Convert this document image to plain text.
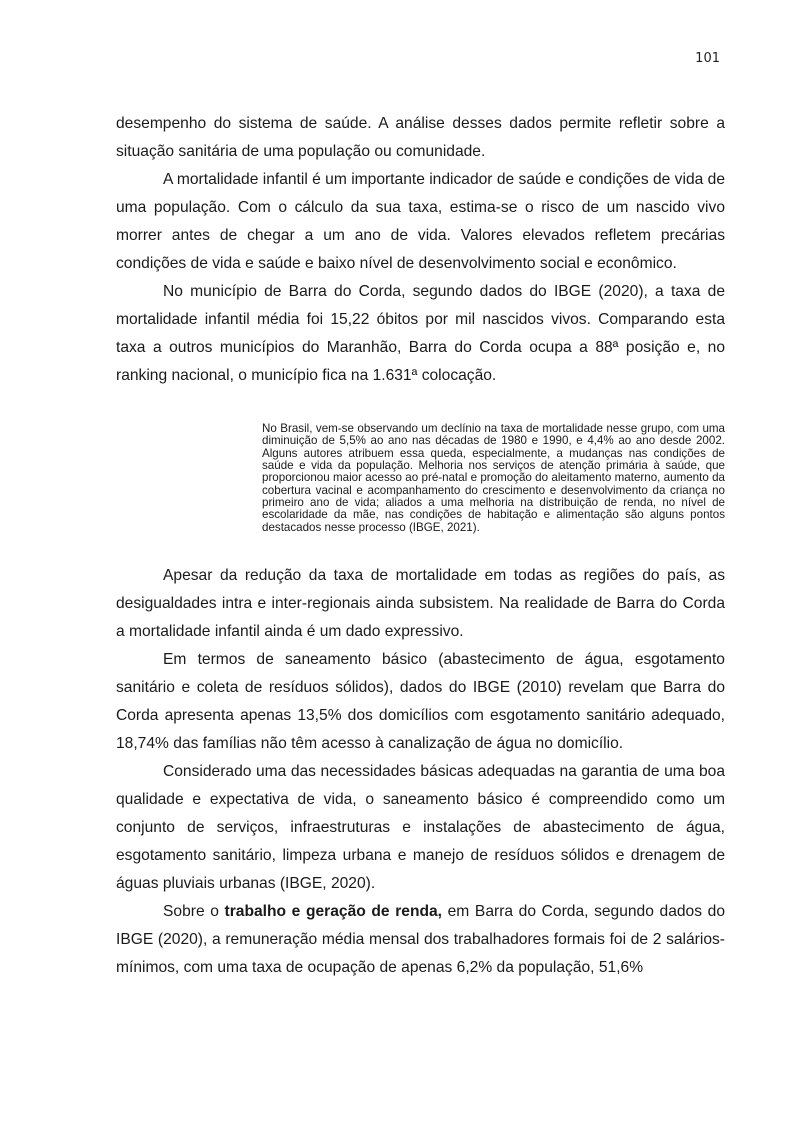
101

desempenho do sistema de saúde. A análise desses dados permite refletir sobre a situação sanitária de uma população ou comunidade.

A mortalidade infantil é um importante indicador de saúde e condições de vida de uma população. Com o cálculo da sua taxa, estima-se o risco de um nascido vivo morrer antes de chegar a um ano de vida. Valores elevados refletem precárias condições de vida e saúde e baixo nível de desenvolvimento social e econômico.

No município de Barra do Corda, segundo dados do IBGE (2020), a taxa de mortalidade infantil média foi 15,22 óbitos por mil nascidos vivos. Comparando esta taxa a outros municípios do Maranhão, Barra do Corda ocupa a 88ª posição e, no ranking nacional, o município fica na 1.631ª colocação.

No Brasil, vem-se observando um declínio na taxa de mortalidade nesse grupo, com uma diminuição de 5,5% ao ano nas décadas de 1980 e 1990, e 4,4% ao ano desde 2002. Alguns autores atribuem essa queda, especialmente, a mudanças nas condições de saúde e vida da população. Melhoria nos serviços de atenção primária à saúde, que proporcionou maior acesso ao pré-natal e promoção do aleitamento materno, aumento da cobertura vacinal e acompanhamento do crescimento e desenvolvimento da criança no primeiro ano de vida; aliados a uma melhoria na distribuição de renda, no nível de escolaridade da mãe, nas condições de habitação e alimentação são alguns pontos destacados nesse processo (IBGE, 2021).

Apesar da redução da taxa de mortalidade em todas as regiões do país, as desigualdades intra e inter-regionais ainda subsistem. Na realidade de Barra do Corda a mortalidade infantil ainda é um dado expressivo.

Em termos de saneamento básico (abastecimento de água, esgotamento sanitário e coleta de resíduos sólidos), dados do IBGE (2010) revelam que Barra do Corda apresenta apenas 13,5% dos domicílios com esgotamento sanitário adequado, 18,74% das famílias não têm acesso à canalização de água no domicílio.

Considerado uma das necessidades básicas adequadas na garantia de uma boa qualidade e expectativa de vida, o saneamento básico é compreendido como um conjunto de serviços, infraestruturas e instalações de abastecimento de água, esgotamento sanitário, limpeza urbana e manejo de resíduos sólidos e drenagem de águas pluviais urbanas (IBGE, 2020).

Sobre o trabalho e geração de renda, em Barra do Corda, segundo dados do IBGE (2020), a remuneração média mensal dos trabalhadores formais foi de 2 salários-mínimos, com uma taxa de ocupação de apenas 6,2% da população, 51,6%
